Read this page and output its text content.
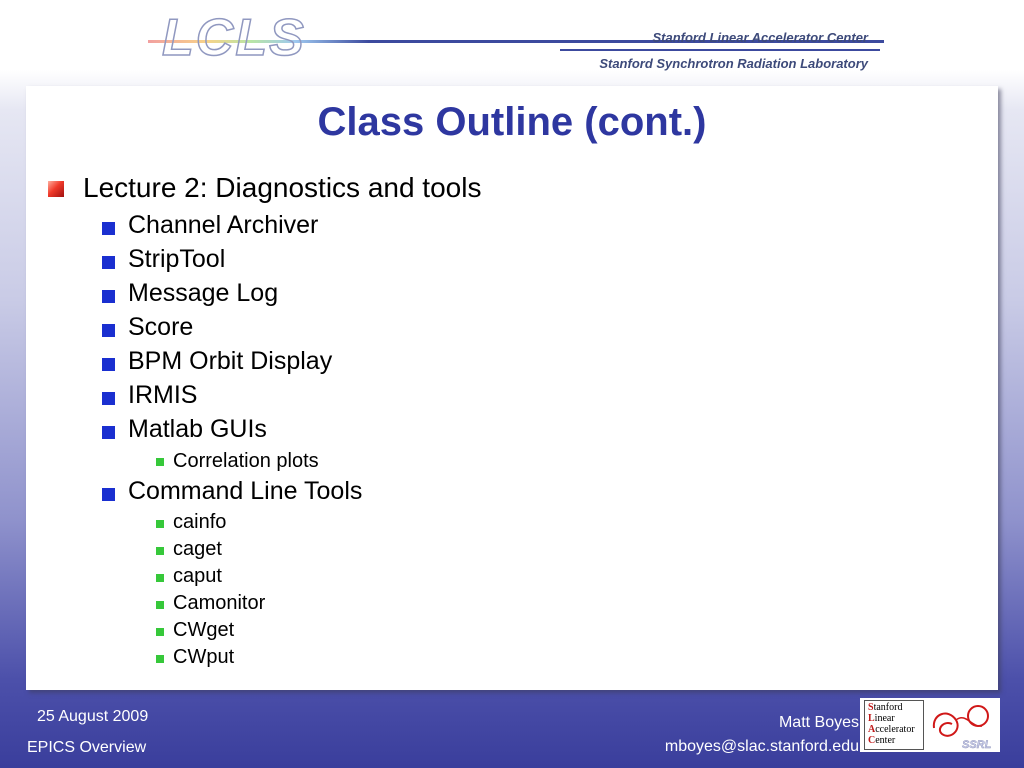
LCLS	Stanford Linear Accelerator Center
Stanford Synchrotron Radiation Laboratory
Class Outline (cont.)
Lecture 2: Diagnostics and tools
Channel Archiver
StripTool
Message Log
Score
BPM Orbit Display
IRMIS
Matlab GUIs
Correlation plots
Command Line Tools
cainfo
caget
caput
Camonitor
CWget
CWput
25 August 2009
EPICS Overview
Matt Boyes
mboyes@slac.stanford.edu
Stanford
Linear
Accelerator
Center	SSRL
